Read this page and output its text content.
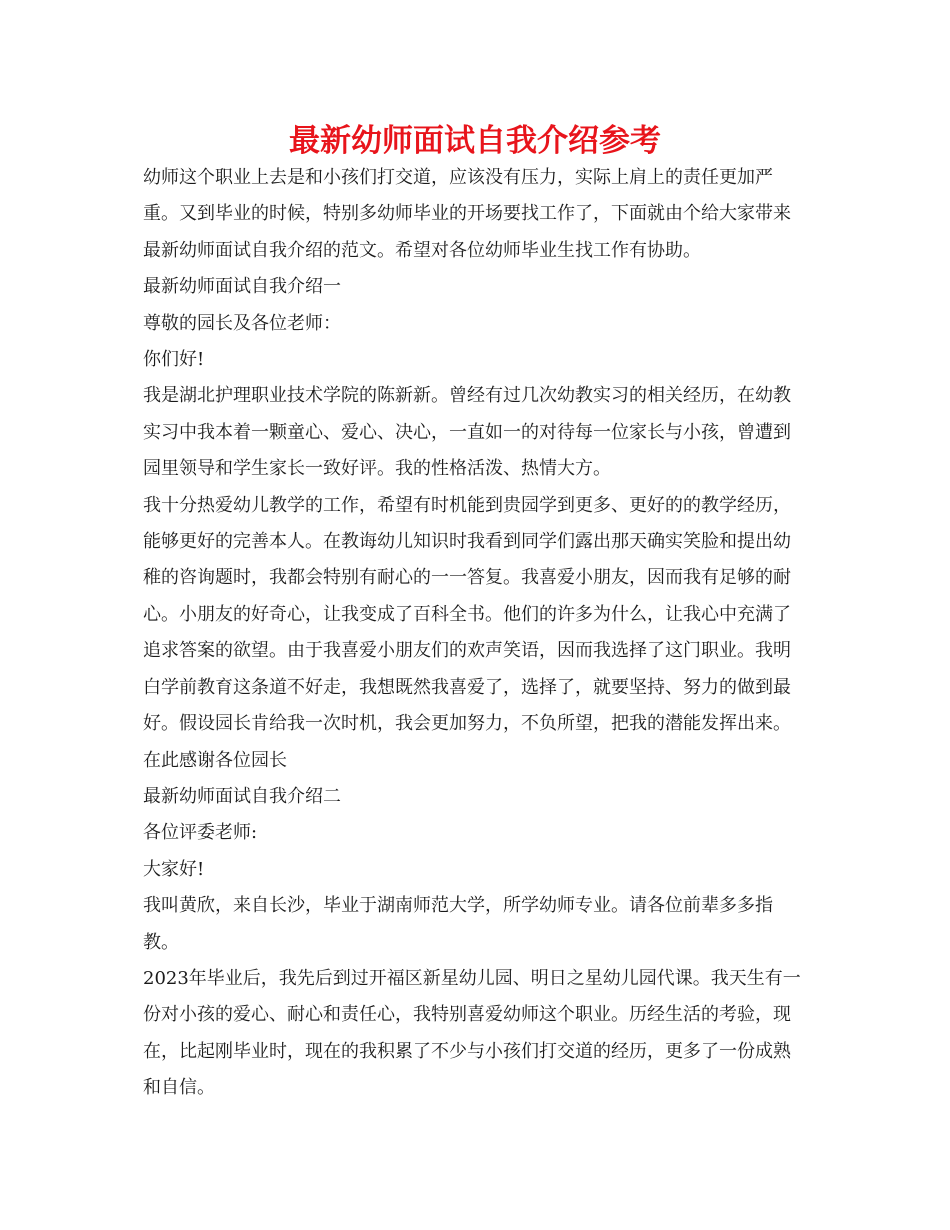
最新幼师面试自我介绍参考

幼师这个职业上去是和小孩们打交道，应该没有压力，实际上肩上的责任更加严重。又到毕业的时候，特别多幼师毕业的开场要找工作了，下面就由个给大家带来最新幼师面试自我介绍的范文。希望对各位幼师毕业生找工作有协助。

最新幼师面试自我介绍一

尊敬的园长及各位老师：

你们好!

我是湖北护理职业技术学院的陈新新。曾经有过几次幼教实习的相关经历，在幼教实习中我本着一颗童心、爱心、决心，一直如一的对待每一位家长与小孩，曾遭到园里领导和学生家长一致好评。我的性格活泼、热情大方。

我十分热爱幼儿教学的工作，希望有时机能到贵园学到更多、更好的的教学经历，能够更好的完善本人。在教诲幼儿知识时我看到同学们露出那天确实笑脸和提出幼稚的咨询题时，我都会特别有耐心的一一答复。我喜爱小朋友，因而我有足够的耐心。小朋友的好奇心，让我变成了百科全书。他们的许多为什么，让我心中充满了追求答案的欲望。由于我喜爱小朋友们的欢声笑语，因而我选择了这门职业。我明白学前教育这条道不好走，我想既然我喜爱了，选择了，就要坚持、努力的做到最好。假设园长肯给我一次时机，我会更加努力，不负所望，把我的潜能发挥出来。在此感谢各位园长

最新幼师面试自我介绍二

各位评委老师:

大家好!

我叫黄欣，来自长沙，毕业于湖南师范大学，所学幼师专业。请各位前辈多多指教。

2023年毕业后，我先后到过开福区新星幼儿园、明日之星幼儿园代课。我天生有一份对小孩的爱心、耐心和责任心，我特别喜爱幼师这个职业。历经生活的考验，现在，比起刚毕业时，现在的我积累了不少与小孩们打交道的经历，更多了一份成熟和自信。
